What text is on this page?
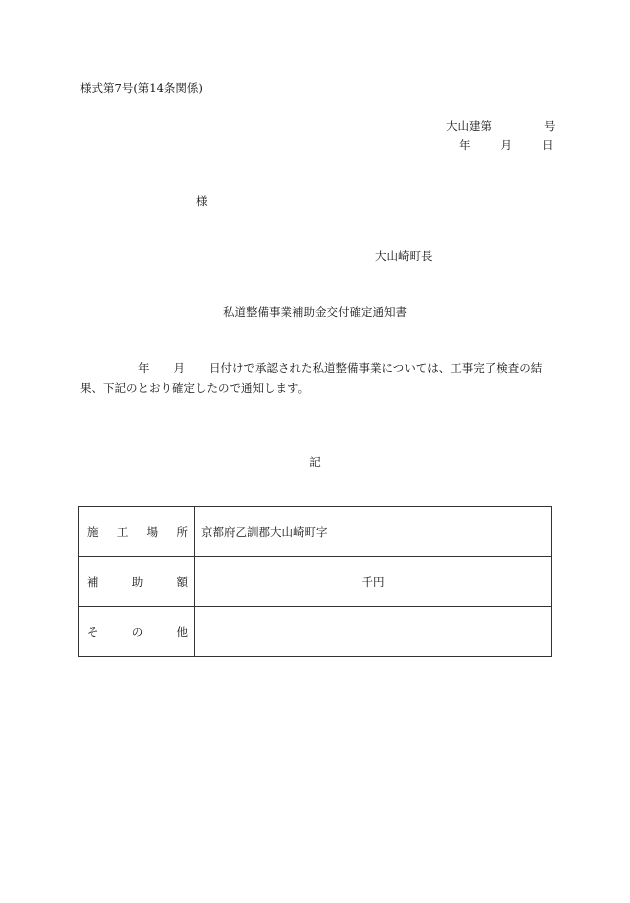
様式第7号(第14条関係)
大山建第	号
年	月	日
様
大山崎町長
私道整備事業補助金交付確定通知書
年 月 日付けで承認された私道整備事業については、工事完了検査の結果、下記のとおり確定したので通知します。
記
施 工 場 所	京都府乙訓郡大山崎町字

補 助 額	千円

そ の 他	
